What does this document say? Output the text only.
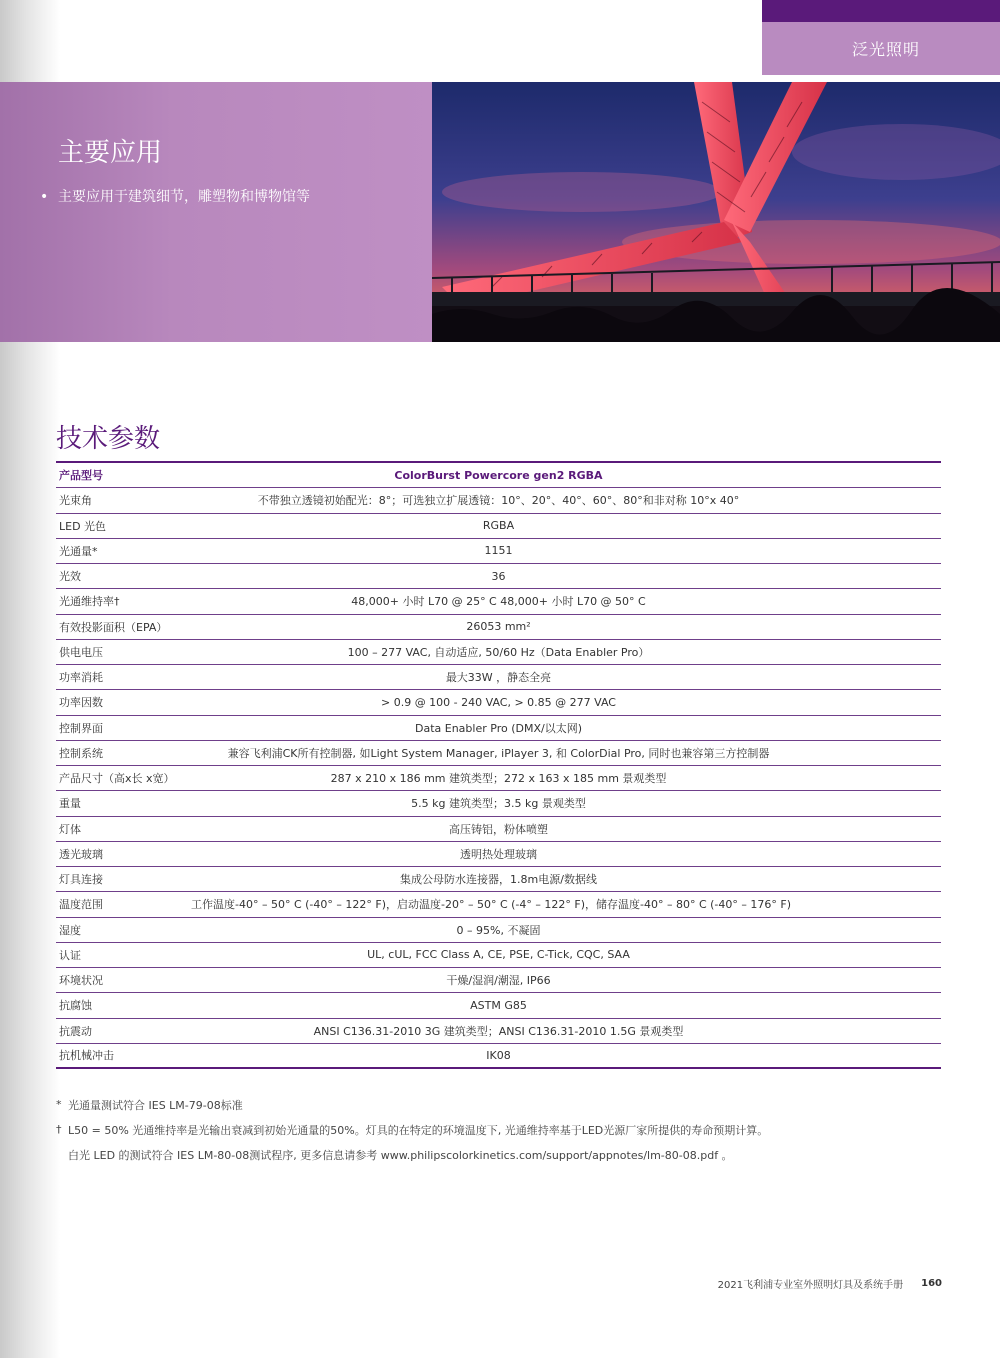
泛光照明
主要应用
• 主要应用于建筑细节，雕塑物和博物馆等
技术参数
产品型号	ColorBurst Powercore gen2 RGBA
光束角	不带独立透镜初始配光：8°；可选独立扩展透镜：10°、20°、40°、60°、80°和非对称 10°x 40°
LED 光色	RGBA
光通量*	1151
光效	36
光通维持率†	48,000+ 小时 L70 @ 25° C 48,000+ 小时 L70 @ 50° C
有效投影面积（EPA）	26053 mm²
供电电压	100 – 277 VAC, 自动适应, 50/60 Hz（Data Enabler Pro）
功率消耗	最大33W ，静态全亮
功率因数	> 0.9 @ 100 - 240 VAC, > 0.85 @ 277 VAC
控制界面	Data Enabler Pro (DMX/以太网)
控制系统	兼容飞利浦CK所有控制器, 如Light System Manager, iPlayer 3, 和 ColorDial Pro, 同时也兼容第三方控制器
产品尺寸（高x长 x宽）	287 x 210 x 186 mm 建筑类型；272 x 163 x 185 mm 景观类型
重量	5.5 kg 建筑类型；3.5 kg 景观类型
灯体	高压铸铝，粉体喷塑
透光玻璃	透明热处理玻璃
灯具连接	集成公母防水连接器，1.8m电源/数据线
温度范围	工作温度-40° – 50° C (-40° – 122° F)，启动温度-20° – 50° C (-4° – 122° F)，储存温度-40° – 80° C (-40° – 176° F)
湿度	0 – 95%, 不凝固
认证	UL, cUL, FCC Class A, CE, PSE, C-Tick, CQC, SAA
环境状况	干燥/湿润/潮湿, IP66
抗腐蚀	ASTM G85
抗震动	ANSI C136.31-2010 3G 建筑类型；ANSI C136.31-2010 1.5G 景观类型
抗机械冲击	IK08
* 光通量测试符合 IES LM-79-08标准
† L50 = 50% 光通维持率是光输出衰减到初始光通量的50%。灯具的在特定的环境温度下, 光通维持率基于LED光源厂家所提供的寿命预期计算。
白光 LED 的测试符合 IES LM-80-08测试程序, 更多信息请参考 www.philipscolorkinetics.com/support/appnotes/lm-80-08.pdf 。
2021飞利浦专业室外照明灯具及系统手册 160
